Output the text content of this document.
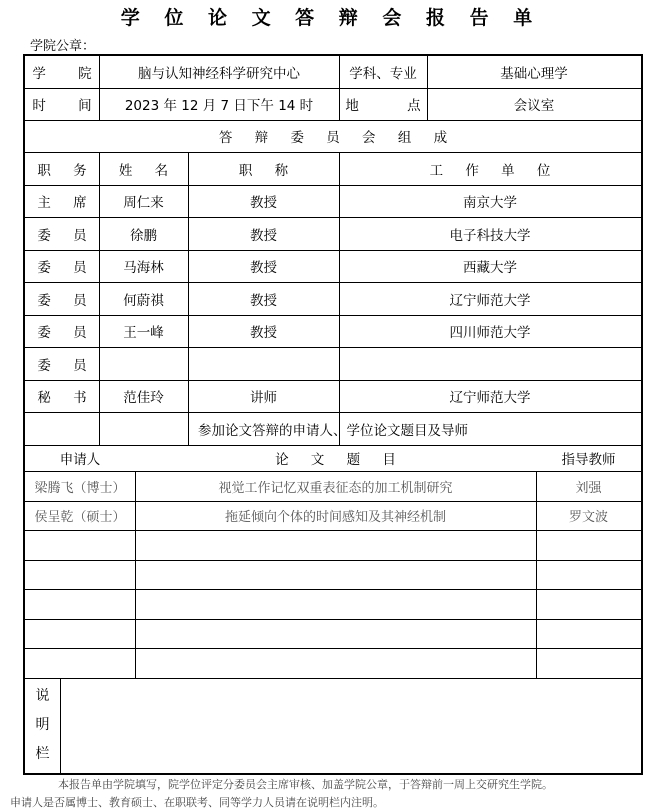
学 位 论 文 答 辩 会 报 告 单
学院公章：
学 院	脑与认知神经科学研究中心	学科、专业	基础心理学
时 间	2023 年 12 月 7 日下午 14 时	地 点	会议室
答 辩 委 员 会 组 成
职 务	姓 名	职 称	工 作 单 位
主 席	周仁来	教授	南京大学
委 员	徐鹏	教授	电子科技大学
委 员	马海林	教授	西藏大学
委 员	何蔚祺	教授	辽宁师范大学
委 员	王一峰	教授	四川师范大学
委 员
秘 书	范佳玲	讲师	辽宁师范大学
参加论文答辩的申请人、学位论文题目及导师
申请人	论 文 题 目	指导教师
梁腾飞（博士）	视觉工作记忆双重表征态的加工机制研究	刘强
侯呈乾（硕士）	拖延倾向个体的时间感知及其神经机制	罗文波
说
明
栏
本报告单由学院填写，院学位评定分委员会主席审核、加盖学院公章，于答辩前一周上交研究生学院。
申请人是否属博士、教育硕士、在职联考、同等学力人员请在说明栏内注明。
